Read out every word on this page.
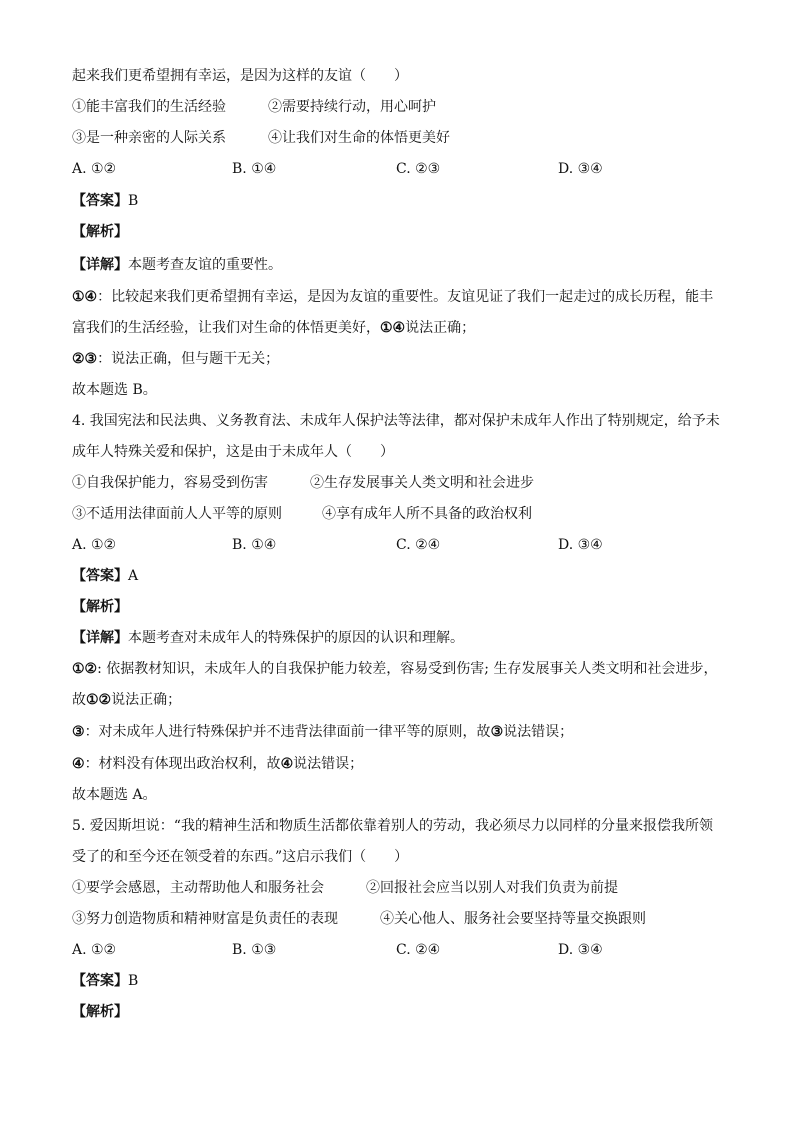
起来我们更希望拥有幸运，是因为这样的友谊（　　）
①能丰富我们的生活经验	②需要持续行动，用心呵护
③是一种亲密的人际关系	④让我们对生命的体悟更美好
A. ①②	B. ①④	C. ②③	D. ③④
【答案】B
【解析】
【详解】本题考查友谊的重要性。
①④：比较起来我们更希望拥有幸运，是因为友谊的重要性。友谊见证了我们一起走过的成长历程，能丰
富我们的生活经验，让我们对生命的体悟更美好，①④说法正确；
②③：说法正确，但与题干无关；
故本题选 B。
4. 我国宪法和民法典、义务教育法、未成年人保护法等法律，都对保护未成年人作出了特别规定，给予未
成年人特殊关爱和保护，这是由于未成年人（　　）
①自我保护能力，容易受到伤害	②生存发展事关人类文明和社会进步
③不适用法律面前人人平等的原则	④享有成年人所不具备的政治权利
A. ①②	B. ①④	C. ②④	D. ③④
【答案】A
【解析】
【详解】本题考查对未成年人的特殊保护的原因的认识和理解。
①②: 依据教材知识，未成年人的自我保护能力较差，容易受到伤害; 生存发展事关人类文明和社会进步，
故①②说法正确；
③：对未成年人进行特殊保护并不违背法律面前一律平等的原则，故③说法错误；
④：材料没有体现出政治权利，故④说法错误；
故本题选 A。
5. 爱因斯坦说：“我的精神生活和物质生活都依靠着别人的劳动，我必须尽力以同样的分量来报偿我所领
受了的和至今还在领受着的东西。”这启示我们（　　）
①要学会感恩，主动帮助他人和服务社会	②回报社会应当以别人对我们负责为前提
③努力创造物质和精神财富是负责任的表现	④关心他人、服务社会要坚持等量交换跟则
A. ①②	B. ①③	C. ②④	D. ③④
【答案】B
【解析】
